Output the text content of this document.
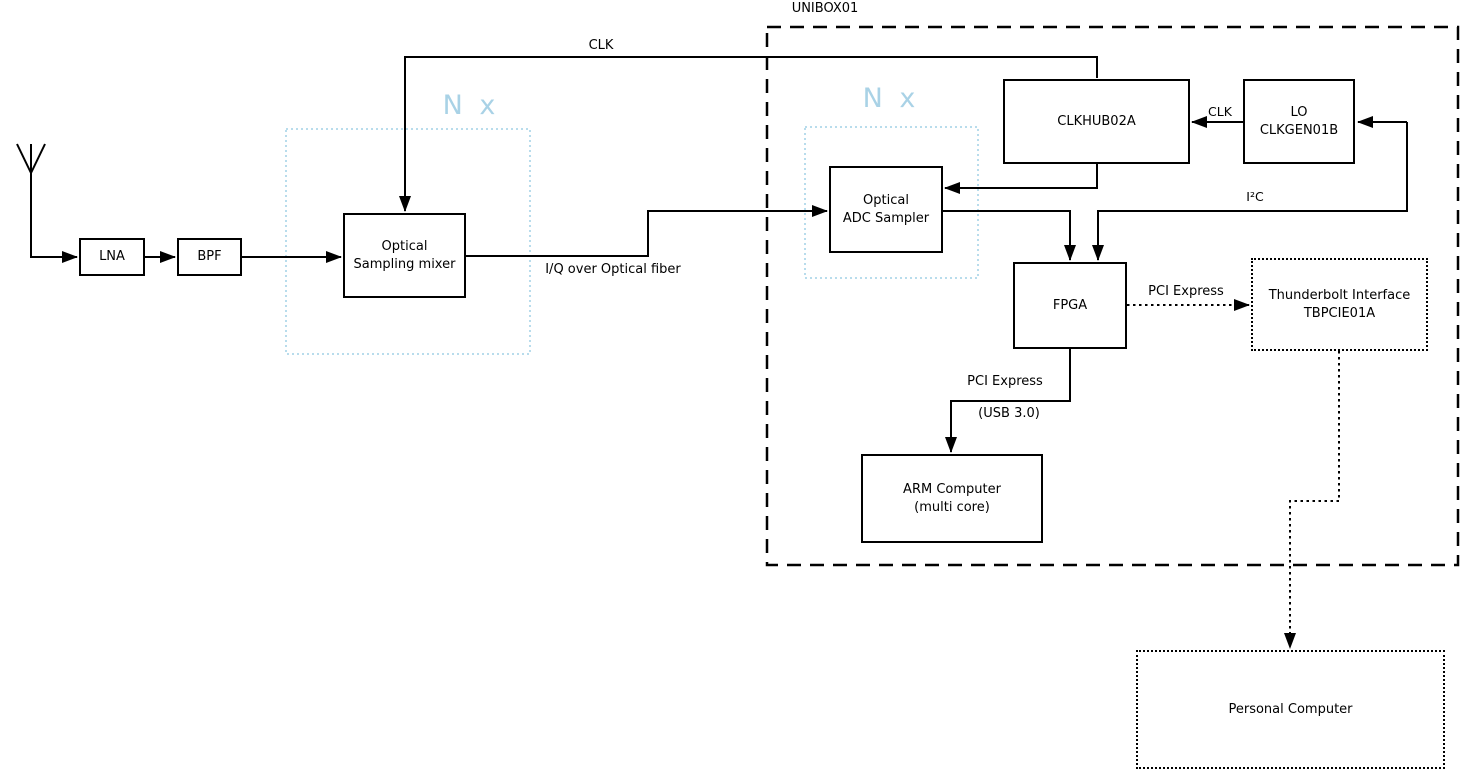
LNA	BPF
Optical
Sampling mixer
Optical
ADC Sampler
CLKHUB02A
LO
CLKGEN01B
FPGA
Thunderbolt Interface
TBPCIE01A
ARM Computer
(multi core)
Personal Computer
UNIBOX01
N x	N x
CLK
I/Q over Optical fiber
CLK
I²C
PCI Express
PCI Express
(USB 3.0)
